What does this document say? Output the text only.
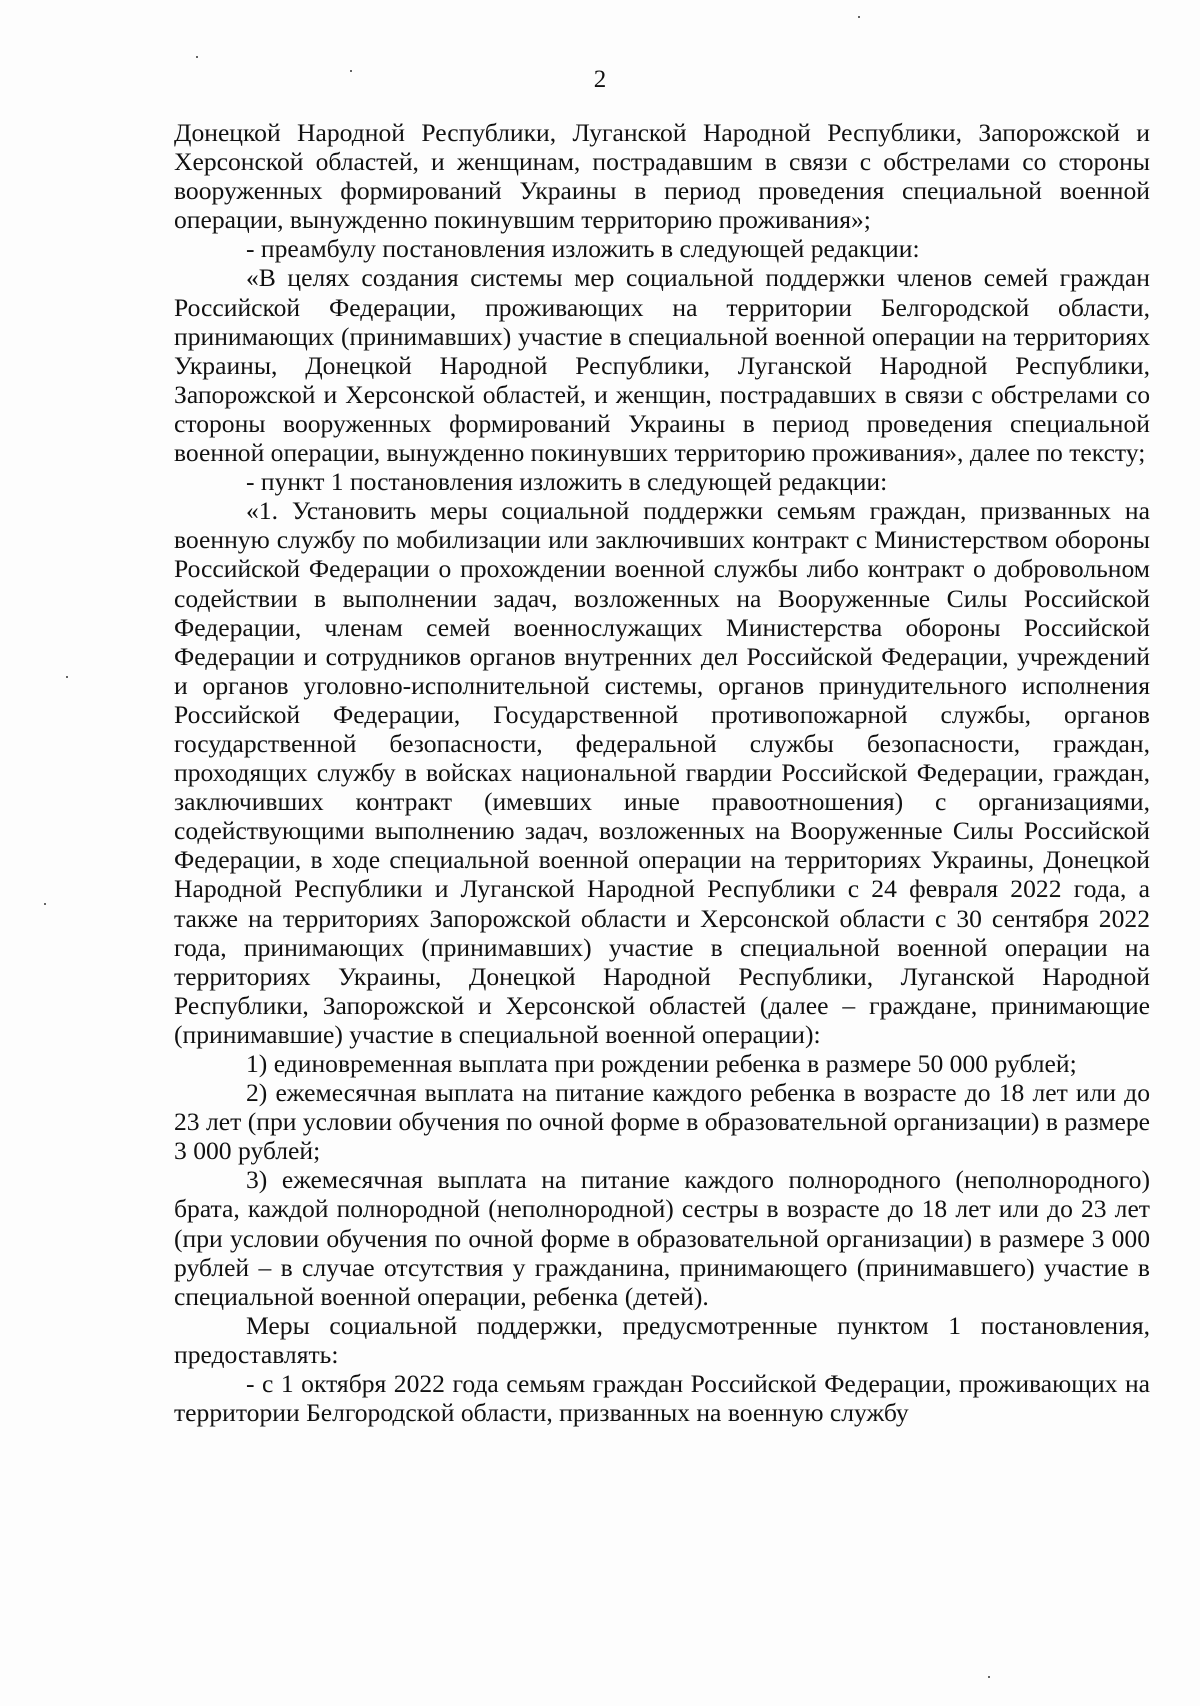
2

Донецкой Народной Республики, Луганской Народной Республики, Запорожской и Херсонской областей, и женщинам, пострадавшим в связи с обстрелами со стороны вооруженных формирований Украины в период проведения специальной военной операции, вынужденно покинувшим территорию проживания»;

- преамбулу постановления изложить в следующей редакции:

«В целях создания системы мер социальной поддержки членов семей граждан Российской Федерации, проживающих на территории Белгородской области, принимающих (принимавших) участие в специальной военной операции на территориях Украины, Донецкой Народной Республики, Луганской Народной Республики, Запорожской и Херсонской областей, и женщин, пострадавших в связи с обстрелами со стороны вооруженных формирований Украины в период проведения специальной военной операции, вынужденно покинувших территорию проживания», далее по тексту;

- пункт 1 постановления изложить в следующей редакции:

«1. Установить меры социальной поддержки семьям граждан, призванных на военную службу по мобилизации или заключивших контракт с Министерством обороны Российской Федерации о прохождении военной службы либо контракт о добровольном содействии в выполнении задач, возложенных на Вооруженные Силы Российской Федерации, членам семей военнослужащих Министерства обороны Российской Федерации и сотрудников органов внутренних дел Российской Федерации, учреждений и органов уголовно-исполнительной системы, органов принудительного исполнения Российской Федерации, Государственной противопожарной службы, органов государственной безопасности, федеральной службы безопасности, граждан, проходящих службу в войсках национальной гвардии Российской Федерации, граждан, заключивших контракт (имевших иные правоотношения) с организациями, содействующими выполнению задач, возложенных на Вооруженные Силы Российской Федерации, в ходе специальной военной операции на территориях Украины, Донецкой Народной Республики и Луганской Народной Республики с 24 февраля 2022 года, а также на территориях Запорожской области и Херсонской области с 30 сентября 2022 года, принимающих (принимавших) участие в специальной военной операции на территориях Украины, Донецкой Народной Республики, Луганской Народной Республики, Запорожской и Херсонской областей (далее – граждане, принимающие (принимавшие) участие в специальной военной операции):

1) единовременная выплата при рождении ребенка в размере 50 000 рублей;

2) ежемесячная выплата на питание каждого ребенка в возрасте до 18 лет или до 23 лет (при условии обучения по очной форме в образовательной организации) в размере 3 000 рублей;

3) ежемесячная выплата на питание каждого полнородного (неполнородного) брата, каждой полнородной (неполнородной) сестры в возрасте до 18 лет или до 23 лет (при условии обучения по очной форме в образовательной организации) в размере 3 000 рублей – в случае отсутствия у гражданина, принимающего (принимавшего) участие в специальной военной операции, ребенка (детей).

Меры социальной поддержки, предусмотренные пунктом 1 постановления, предоставлять:

- с 1 октября 2022 года семьям граждан Российской Федерации, проживающих на территории Белгородской области, призванных на военную службу
